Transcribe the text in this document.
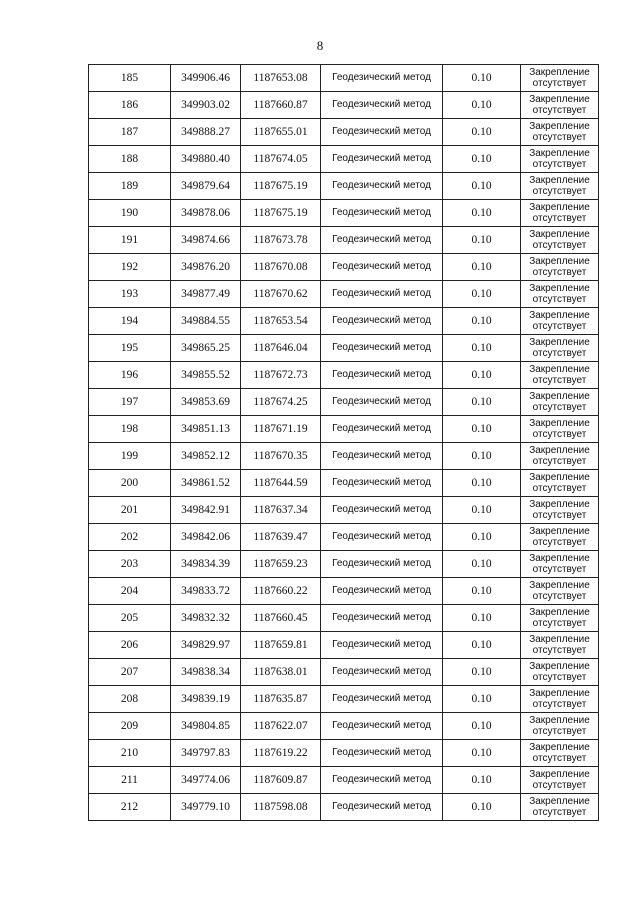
8
185	349906.46	1187653.08	Геодезический метод	0.10	Закрепление
отсутствует

186	349903.02	1187660.87	Геодезический метод	0.10	Закрепление
отсутствует

187	349888.27	1187655.01	Геодезический метод	0.10	Закрепление
отсутствует

188	349880.40	1187674.05	Геодезический метод	0.10	Закрепление
отсутствует

189	349879.64	1187675.19	Геодезический метод	0.10	Закрепление
отсутствует

190	349878.06	1187675.19	Геодезический метод	0.10	Закрепление
отсутствует

191	349874.66	1187673.78	Геодезический метод	0.10	Закрепление
отсутствует

192	349876.20	1187670.08	Геодезический метод	0.10	Закрепление
отсутствует

193	349877.49	1187670.62	Геодезический метод	0.10	Закрепление
отсутствует

194	349884.55	1187653.54	Геодезический метод	0.10	Закрепление
отсутствует

195	349865.25	1187646.04	Геодезический метод	0.10	Закрепление
отсутствует

196	349855.52	1187672.73	Геодезический метод	0.10	Закрепление
отсутствует

197	349853.69	1187674.25	Геодезический метод	0.10	Закрепление
отсутствует

198	349851.13	1187671.19	Геодезический метод	0.10	Закрепление
отсутствует

199	349852.12	1187670.35	Геодезический метод	0.10	Закрепление
отсутствует

200	349861.52	1187644.59	Геодезический метод	0.10	Закрепление
отсутствует

201	349842.91	1187637.34	Геодезический метод	0.10	Закрепление
отсутствует

202	349842.06	1187639.47	Геодезический метод	0.10	Закрепление
отсутствует

203	349834.39	1187659.23	Геодезический метод	0.10	Закрепление
отсутствует

204	349833.72	1187660.22	Геодезический метод	0.10	Закрепление
отсутствует

205	349832.32	1187660.45	Геодезический метод	0.10	Закрепление
отсутствует

206	349829.97	1187659.81	Геодезический метод	0.10	Закрепление
отсутствует

207	349838.34	1187638.01	Геодезический метод	0.10	Закрепление
отсутствует

208	349839.19	1187635.87	Геодезический метод	0.10	Закрепление
отсутствует

209	349804.85	1187622.07	Геодезический метод	0.10	Закрепление
отсутствует

210	349797.83	1187619.22	Геодезический метод	0.10	Закрепление
отсутствует

211	349774.06	1187609.87	Геодезический метод	0.10	Закрепление
отсутствует

212	349779.10	1187598.08	Геодезический метод	0.10	Закрепление
отсутствует
